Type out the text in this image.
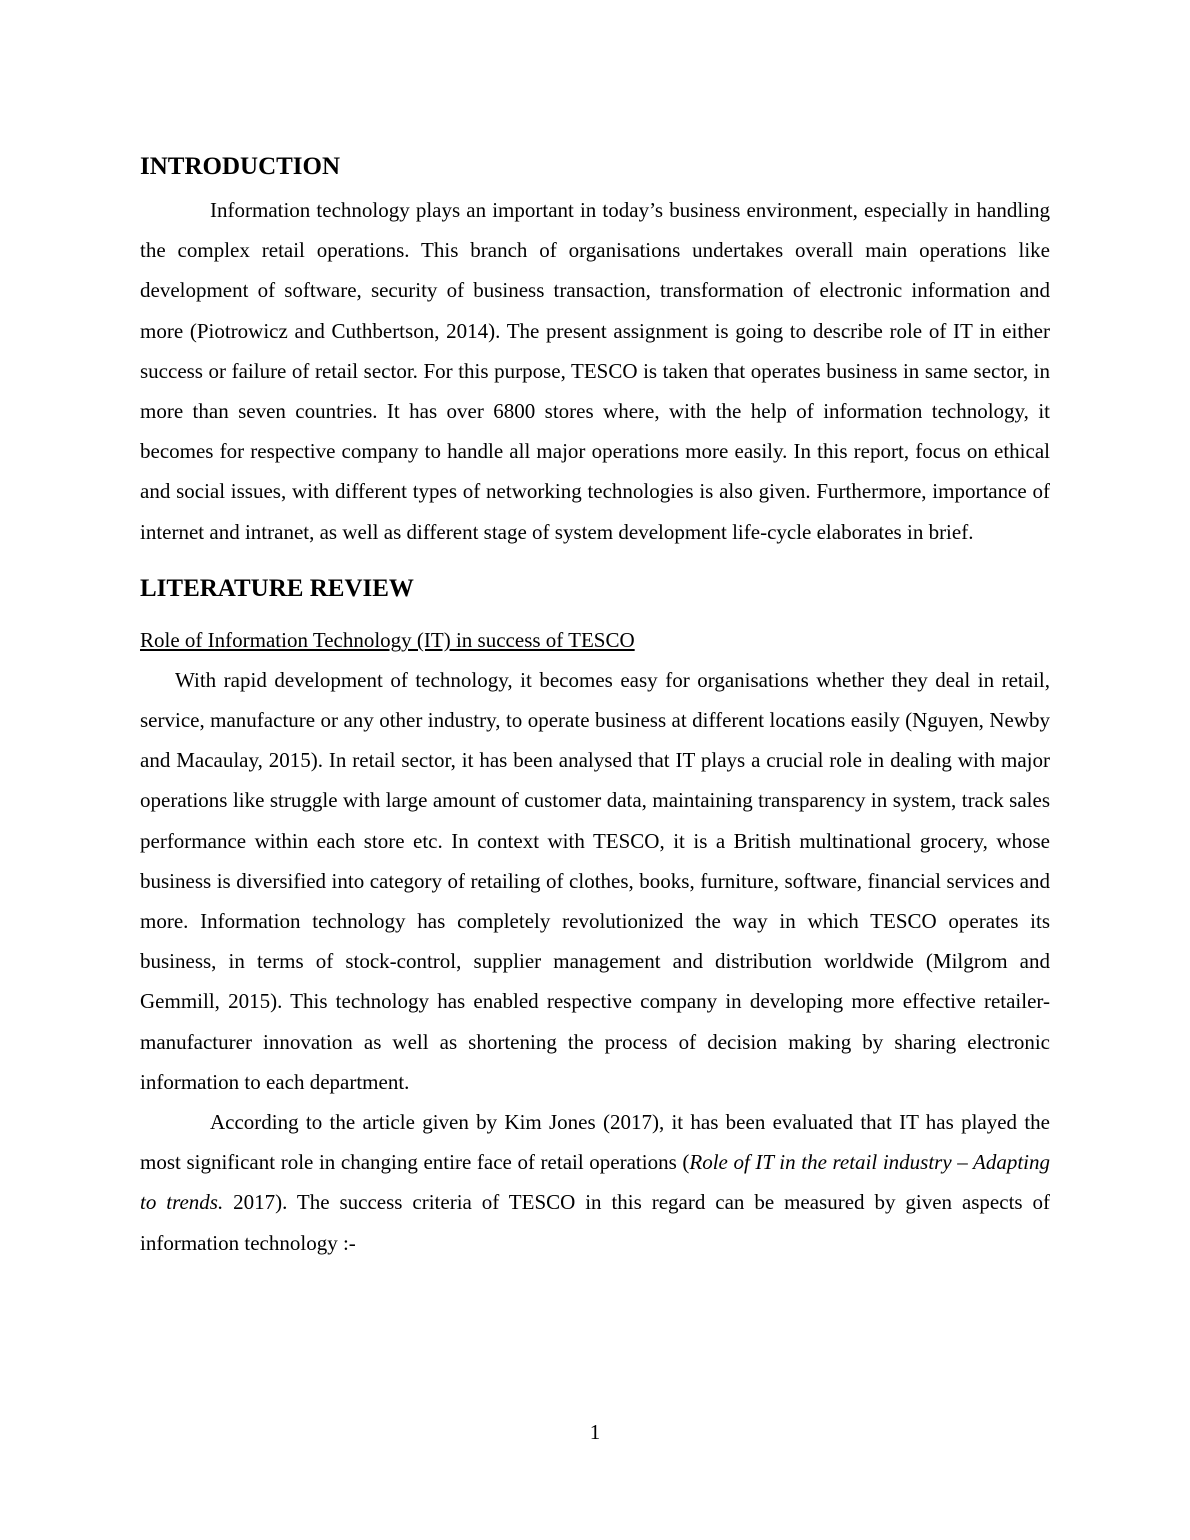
INTRODUCTION

Information technology plays an important in today’s business environment, especially in handling the complex retail operations. This branch of organisations undertakes overall main operations like development of software, security of business transaction, transformation of electronic information and more (Piotrowicz and Cuthbertson, 2014). The present assignment is going to describe role of IT in either success or failure of retail sector. For this purpose, TESCO is taken that operates business in same sector, in more than seven countries. It has over 6800 stores where, with the help of information technology, it becomes for respective company to handle all major operations more easily. In this report, focus on ethical and social issues, with different types of networking technologies is also given. Furthermore, importance of internet and intranet, as well as different stage of system development life-cycle elaborates in brief.

LITERATURE REVIEW

Role of Information Technology (IT) in success of TESCO

With rapid development of technology, it becomes easy for organisations whether they deal in retail, service, manufacture or any other industry, to operate business at different locations easily (Nguyen, Newby and Macaulay, 2015). In retail sector, it has been analysed that IT plays a crucial role in dealing with major operations like struggle with large amount of customer data, maintaining transparency in system, track sales performance within each store etc. In context with TESCO, it is a British multinational grocery, whose business is diversified into category of retailing of clothes, books, furniture, software, financial services and more. Information technology has completely revolutionized the way in which TESCO operates its business, in terms of stock-control, supplier management and distribution worldwide (Milgrom and Gemmill, 2015). This technology has enabled respective company in developing more effective retailer-manufacturer innovation as well as shortening the process of decision making by sharing electronic information to each department.

According to the article given by Kim Jones (2017), it has been evaluated that IT has played the most significant role in changing entire face of retail operations (Role of IT in the retail industry – Adapting to trends. 2017). The success criteria of TESCO in this regard can be measured by given aspects of information technology :-

1
